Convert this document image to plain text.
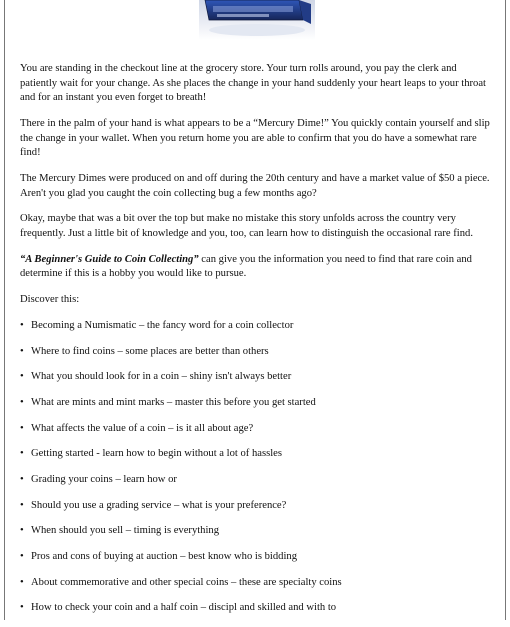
You are standing in the checkout line at the grocery store. Your turn rolls around, you pay the clerk and patiently wait for your change. As she places the change in your hand suddenly your heart leaps to your throat and for an instant you even forget to breath!

There in the palm of your hand is what appears to be a “Mercury Dime!” You quickly contain yourself and slip the change in your wallet. When you return home you are able to confirm that you do have a somewhat rare find!

The Mercury Dimes were produced on and off during the 20th century and have a market value of $50 a piece. Aren't you glad you caught the coin collecting bug a few months ago?

Okay, maybe that was a bit over the top but make no mistake this story unfolds across the country very frequently. Just a little bit of knowledge and you, too, can learn how to distinguish the occasional rare find.

“A Beginner's Guide to Coin Collecting” can give you the information you need to find that rare coin and determine if this is a hobby you would like to pursue.

Discover this:

• Becoming a Numismatic – the fancy word for a coin collector
• Where to find coins – some places are better than others
• What you should look for in a coin – shiny isn't always better
• What are mints and mint marks – master this before you get started
• What affects the value of a coin – is it all about age?
• Getting started - learn how to begin without a lot of hassles
• Grading your coins – learn how or
• Should you use a grading service – what is your preference?
• When should you sell – timing is everything
• Pros and cons of buying at auction – best know who is bidding
• About commemorative and other special coins – these are specialty coins
• How to check your coin and a half coin – discipl and skilled and with to
